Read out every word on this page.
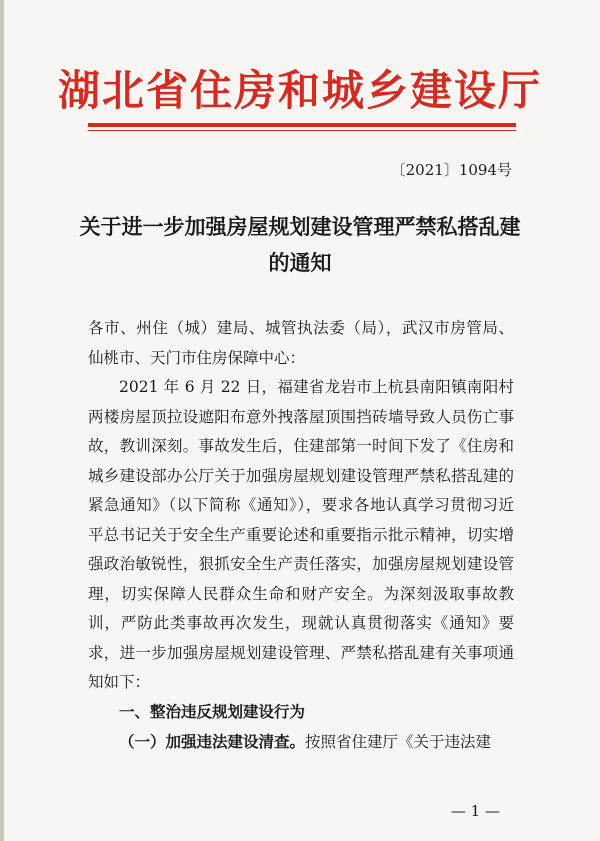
湖北省住房和城乡建设厅
〔2021〕1094号
关于进一步加强房屋规划建设管理严禁私搭乱建
的通知

各市、州住（城）建局、城管执法委（局），武汉市房管局、仙桃市、天门市住房保障中心：

2021 年 6 月 22 日，福建省龙岩市上杭县南阳镇南阳村两楼房屋顶拉设遮阳布意外拽落屋顶围挡砖墙导致人员伤亡事故，教训深刻。事故发生后，住建部第一时间下发了《住房和城乡建设部办公厅关于加强房屋规划建设管理严禁私搭乱建的紧急通知》（以下简称《通知》），要求各地认真学习贯彻习近平总书记关于安全生产重要论述和重要指示批示精神，切实增强政治敏锐性，狠抓安全生产责任落实，加强房屋规划建设管理，切实保障人民群众生命和财产安全。为深刻汲取事故教训，严防此类事故再次发生，现就认真贯彻落实《通知》要求，进一步加强房屋规划建设管理、严禁私搭乱建有关事项通知如下：

一、整治违反规划建设行为

（一）加强违法建设清查。按照省住建厅《关于违法建

— 1 —
